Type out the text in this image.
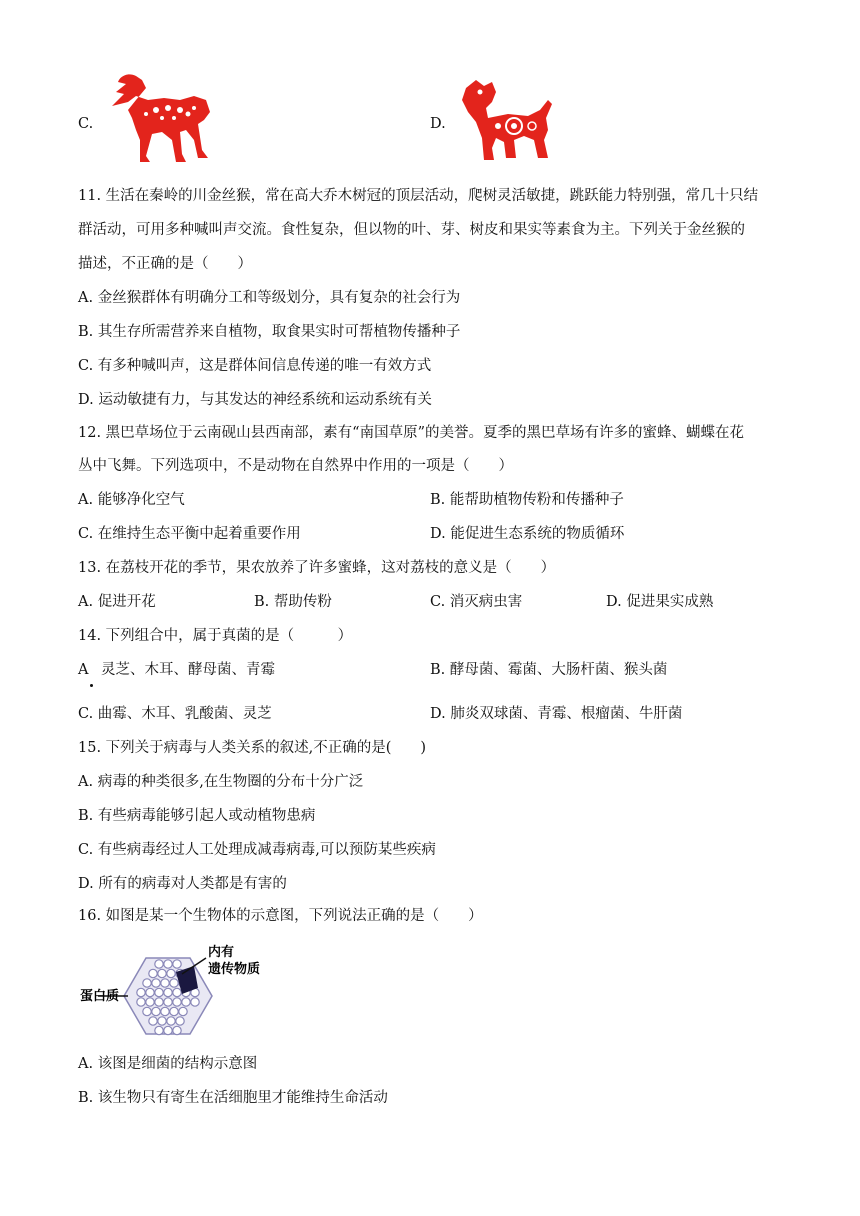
C.	D.
11. 生活在秦岭的川金丝猴，常在高大乔木树冠的顶层活动，爬树灵活敏捷，跳跃能力特别强，常几十只结
群活动，可用多种喊叫声交流。食性复杂，但以物的叶、芽、树皮和果实等素食为主。下列关于金丝猴的
描述，不正确的是（　　）
A. 金丝猴群体有明确分工和等级划分，具有复杂的社会行为
B. 其生存所需营养来自植物，取食果实时可帮植物传播种子
C. 有多种喊叫声，这是群体间信息传递的唯一有效方式
D. 运动敏捷有力，与其发达的神经系统和运动系统有关
12. 黑巴草场位于云南砚山县西南部，素有“南国草原”的美誉。夏季的黑巴草场有许多的蜜蜂、蝴蝶在花
丛中飞舞。下列选项中，不是动物在自然界中作用的一项是（　　）
A. 能够净化空气	B. 能帮助植物传粉和传播种子
C. 在维持生态平衡中起着重要作用	D. 能促进生态系统的物质循环
13. 在荔枝开花的季节，果农放养了许多蜜蜂，这对荔枝的意义是（　　）
A. 促进开花	B. 帮助传粉	C. 消灭病虫害	D. 促进果实成熟
14. 下列组合中，属于真菌的是（　　　）
A 灵芝、木耳、酵母菌、青霉	B. 酵母菌、霉菌、大肠杆菌、猴头菌
C. 曲霉、木耳、乳酸菌、灵芝	D. 肺炎双球菌、青霉、根瘤菌、牛肝菌
15. 下列关于病毒与人类关系的叙述,不正确的是(　　)
A. 病毒的种类很多,在生物圈的分布十分广泛
B. 有些病毒能够引起人或动植物患病
C. 有些病毒经过人工处理成减毒病毒,可以预防某些疾病
D. 所有的病毒对人类都是有害的
16. 如图是某一个生物体的示意图，下列说法正确的是（　　）
内有
遗传物质
蛋白质
A. 该图是细菌的结构示意图
B. 该生物只有寄生在活细胞里才能维持生命活动
